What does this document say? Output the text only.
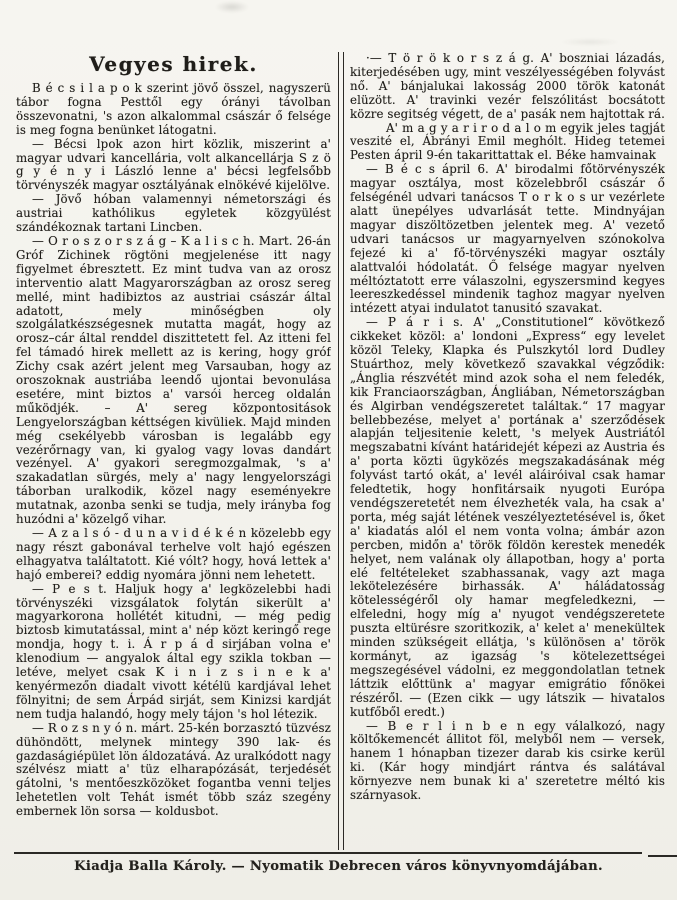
Vegyes hirek.

B é c s i l a p o k szerint jövő összel, nagyszerü tábor fogna Pesttől egy órányi távolban összevonatni, 's azon alkalommal császár ő felsége is meg fogna benünket látogatni.

— Bécsi lpok azon hirt közlik, miszerint a' magyar udvari kancellária, volt alkancellárja S z ö g y é n y i László lenne a' bécsi legfelsőbb törvényszék magyar osztályának elnökévé kijelölve.

— Jövő hóban valamennyi németországi és austriai kathólikus egyletek közgyülést szándékoznak tartani Lincben.

— O r o s z o r s z á g – K a l i s c h. Mart. 26-án Gróf Zichinek rögtöni megjelenése itt nagy figyelmet ébresztett. Ez mint tudva van az orosz interventio alatt Magyarországban az orosz sereg mellé, mint hadibiztos az austriai császár által adatott, mely minőségben oly szolgálatkészségesnek mutatta magát, hogy az orosz–cár által renddel diszittetett fel. Az itteni fel fel támadó hirek mellett az is kering, hogy gróf Zichy csak azért jelent meg Varsauban, hogy az oroszoknak austriába leendő ujontai bevonulása esetére, mint biztos a' varsói herceg oldalán működjék. – A' sereg központositások Lengyelországban kéttségen kivüliek. Majd minden még csekélyebb városban is legalább egy vezérőrnagy van, ki gyalog vagy lovas dandárt vezényel. A' gyakori seregmozgalmak, 's a' szakadatlan sürgés, mely a' nagy lengyelországi táborban uralkodik, közel nagy eseményekre mutatnak, azonba senki se tudja, mely irányba fog huzódni a' közelgő vihar.

— A z a l s ó - d u n a v i d é k é n közelebb egy nagy részt gabonával terhelve volt hajó egészen elhagyatva találtatott. Kié vólt? hogy, hová lettek a' hajó emberei? eddig nyomára jönni nem lehetett.

— P e s t. Haljuk hogy a' legközelebbi hadi törvényszéki vizsgálatok folytán sikerült a' magyarkorona hollétét kitudni, — még pedig biztosb kimutatással, mint a' nép közt keringő rege mondja, hogy t. i. Á r p á d sirjában volna e' klenodium — angyalok által egy szikla tokban — letéve, melyet csak K i n i z s i n e k a' kenyérmezőn diadalt vivott kétélü kardjával lehet fölnyitni; de sem Árpád sirját, sem Kinizsi kardját nem tudja halandó, hogy mely tájon 's hol létezik.

— R o z s n y ó n. márt. 25-kén borzasztó tüzvész dühöndött, melynek mintegy 390 lak- és gazdaságiépület lön áldozatává. Az uralkódott nagy szélvész miatt a' tüz elharapózását, terjedését gátolni, 's mentőeszközöket fogantba venni teljes lehetetlen volt Tehát ismét több száz szegény embernek lön sorsa — koldusbot.

·— T ö r ö k o r s z á g. A' boszniai lázadás, kiterjedésében ugy, mint veszélyességében folyvást nő. A' bánjalukai lakosság 2000 török katonát elüzött. A' travinki vezér felszólitást bocsátott közre segitség végett, de a' pasák nem hajtottak rá.

A' m a g y a r i r o d a l o m egyik jeles tagját veszité el, Ábrányi Emil meghólt. Hideg tetemei Pesten ápril 9-én takarittattak el. Béke hamvainak

— B é c s ápril 6. A' birodalmi főtörvényszék magyar osztálya, most közelebbről császár ő felségénél udvari tanácsos T o r k o s ur vezérlete alatt ünepélyes udvarlását tette. Mindnyájan magyar diszöltözetben jelentek meg. A' vezető udvari tanácsos ur magyarnyelven szónokolva fejezé ki a' fő-törvényszéki magyar osztály alattvalói hódolatát. Ő felsége magyar nyelven méltóztatott erre válaszolni, egyszersmind kegyes leereszkedéssel mindenik taghoz magyar nyelven intézett atyai indulatot tanusitó szavakat.

— P á r i s. A' „Constitutionel“ kövötkező cikkeket közöl: a' londoni „Express“ egy levelet közöl Teleky, Klapka és Pulszkytól lord Dudley Stuárthoz, mely következő szavakkal végződik: „Ánglia részvétét mind azok soha el nem feledék, kik Franciaországban, Ángliában, Németországban és Algirban vendégszeretet találtak.“ 17 magyar bellebbezése, melyet a' portának a' szerződések alapján teljesitenie kelett, 's melyek Austriától megszabatni kívánt határidejét képezi az Austria és a' porta közti ügyközés megszakadásának még folyvást tartó okát, a' levél aláiróival csak hamar feledtetik, hogy honfitársaik nyugoti Európa vendégszeretetét nem élvezheték vala, ha csak a' porta, még saját létének veszélyeztetésével is, őket a' kiadatás alól el nem vonta volna; ámbár azon percben, midőn a' török földön kerestek menedék helyet, nem valának oly állapotban, hogy a' porta elé feltételeket szabhassanak, vagy azt maga lekötelezésére birhassák. A' háládatosság kötelességéről oly hamar megfeledkezni, — elfeledni, hogy míg a' nyugot vendégszeretete puszta eltürésre szoritkozik, a' kelet a' menekültek minden szükségeit ellátja, 's különösen a' török kormányt, az igazság 's kötelezettségei megszegésével vádolni, ez meggondolatlan tetnek láttzik előttünk a' magyar emigrátio főnökei részéről. — (Ezen cikk — ugy látszik — hivatalos kutfőből eredt.)

— B e r l i n b e n egy válalkozó, nagy költőkemencét állitot föl, melyből nem — versek, hanem 1 hónapban tizezer darab kis csirke kerül ki. (Kár hogy mindjárt rántva és salátával környezve nem bunak ki a' szeretetre méltó kis szárnyasok.

Kiadja Balla Károly. — Nyomatik Debrecen város könyvnyomdájában.
